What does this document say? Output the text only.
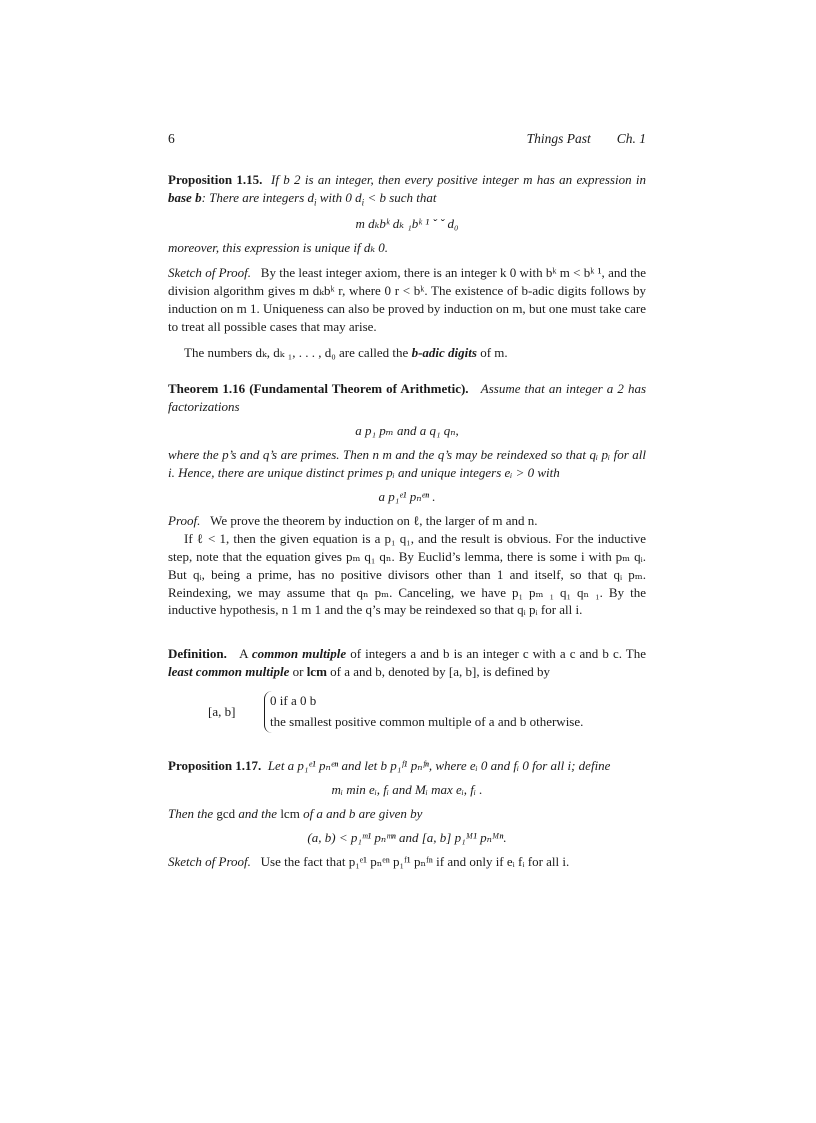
6	Things Past Ch. 1

Proposition 1.15. If b 2 is an integer, then every positive integer m has an expression in base b: There are integers $d_i$ with 0 $d_i < b$ such that

m dₖbᵏ dₖ ₁bᵏ ¹ ˇ ˇ d₀

moreover, this expression is unique if dₖ 0.

Sketch of Proof. By the least integer axiom, there is an integer k 0 with bᵏ m < bᵏ ¹, and the division algorithm gives m dₖbᵏ r, where 0 r < bᵏ. The existence of b-adic digits follows by induction on m 1. Uniqueness can also be proved by induction on m, but one must take care to treat all possible cases that may arise.

The numbers dₖ, dₖ ₁, . . . , d₀ are called the b-adic digits of m.

Theorem 1.16 (Fundamental Theorem of Arithmetic). Assume that an integer a 2 has factorizations

a p₁ pₘ and a q₁ qₙ,

where the p’s and q’s are primes. Then n m and the q’s may be reindexed so that qᵢ pᵢ for all i. Hence, there are unique distinct primes pᵢ and unique integers eᵢ > 0 with

a p₁ᵉ¹ pₙᵉⁿ .

Proof. We prove the theorem by induction on ℓ, the larger of m and n.

If ℓ < 1, then the given equation is a p₁ q₁, and the result is obvious. For the inductive step, note that the equation gives pₘ q₁ qₙ. By Euclid’s lemma, there is some i with pₘ qᵢ. But qᵢ, being a prime, has no positive divisors other than 1 and itself, so that qᵢ pₘ. Reindexing, we may assume that qₙ pₘ. Canceling, we have p₁ pₘ ₁ q₁ qₙ ₁. By the inductive hypothesis, n 1 m 1 and the q’s may be reindexed so that qᵢ pᵢ for all i.

Definition. A common multiple of integers a and b is an integer c with a c and b c. The least common multiple or lcm of a and b, denoted by [a, b], is defined by

[a, b]
0 if a 0 b
the smallest positive common multiple of a and b otherwise.

Proposition 1.17. Let a p₁ᵉ¹ pₙᵉⁿ and let b p₁ᶠ¹ pₙᶠⁿ, where eᵢ 0 and fᵢ 0 for all i; define

mᵢ min eᵢ, fᵢ and Mᵢ max eᵢ, fᵢ .

Then the gcd and the lcm of a and b are given by

(a, b) < p₁ᵐ¹ pₙᵐⁿ and [a, b] p₁ᴹ¹ pₙᴹⁿ.

Sketch of Proof. Use the fact that p₁ᵉ¹ pₙᵉⁿ p₁ᶠ¹ pₙᶠⁿ if and only if eᵢ fᵢ for all i.
